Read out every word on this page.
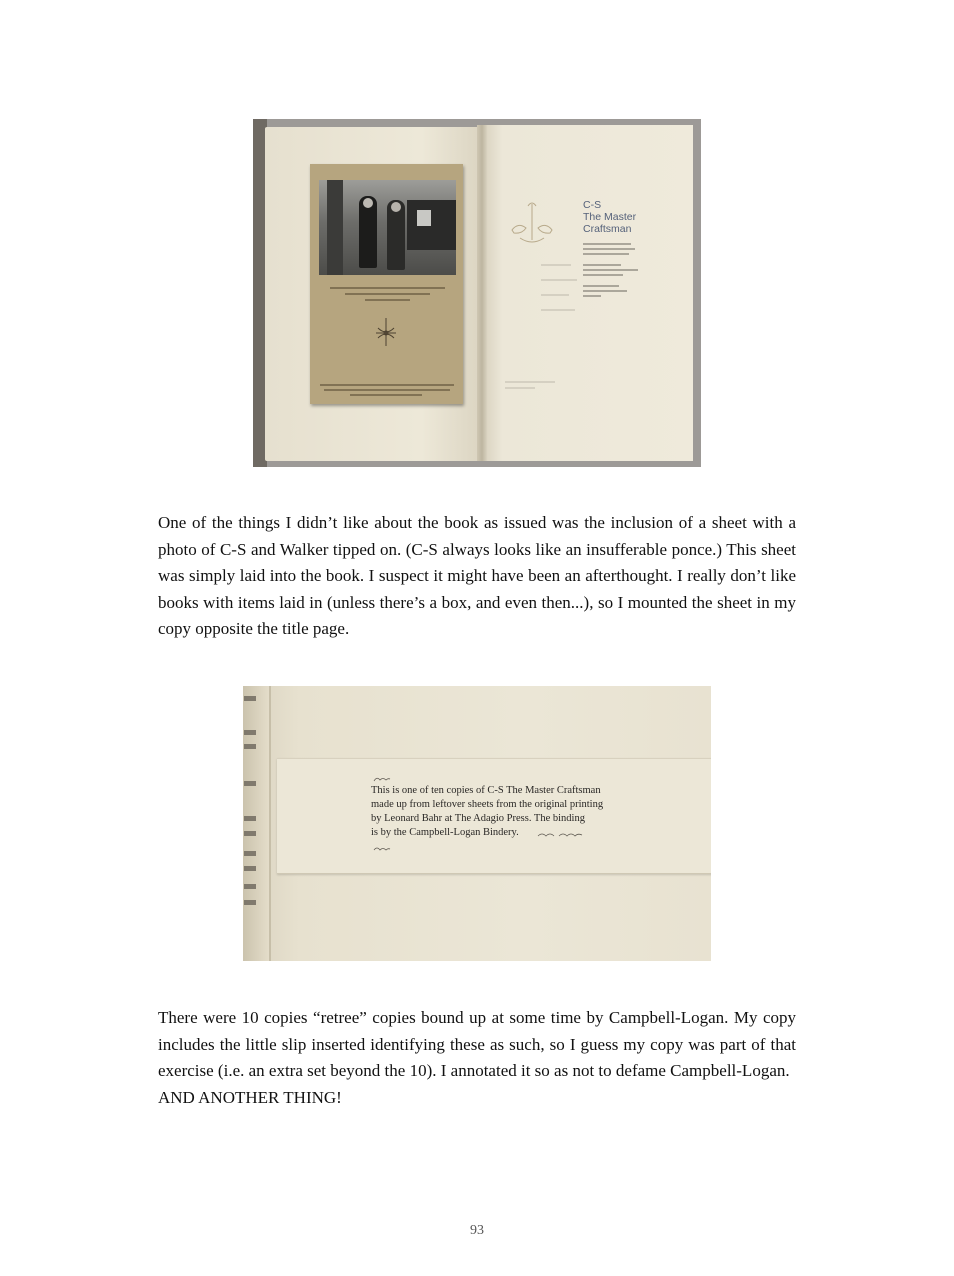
C-S
The Master
Craftsman

One of the things I didn’t like about the book as issued was the inclusion of a sheet with a photo of C-S and Walker tipped on. (C-S always looks like an insufferable ponce.) This sheet was simply laid into the book. I suspect it might have been an afterthought. I really don’t like books with items laid in (unless there’s a box, and even then...), so I mounted the sheet in my copy opposite the title page.

This is one of ten copies of C-S The Master Craftsman
made up from leftover sheets from the original printing
by Leonard Bahr at The Adagio Press. The binding
is by the Campbell-Logan Bindery.

There were 10 copies “retree” copies bound up at some time by Campbell-Logan. My copy includes the little slip inserted identifying these as such, so I guess my copy was part of that exercise (i.e. an extra set beyond the 10). I annotated it so as not to defame Campbell-Logan.

AND ANOTHER THING!

93
